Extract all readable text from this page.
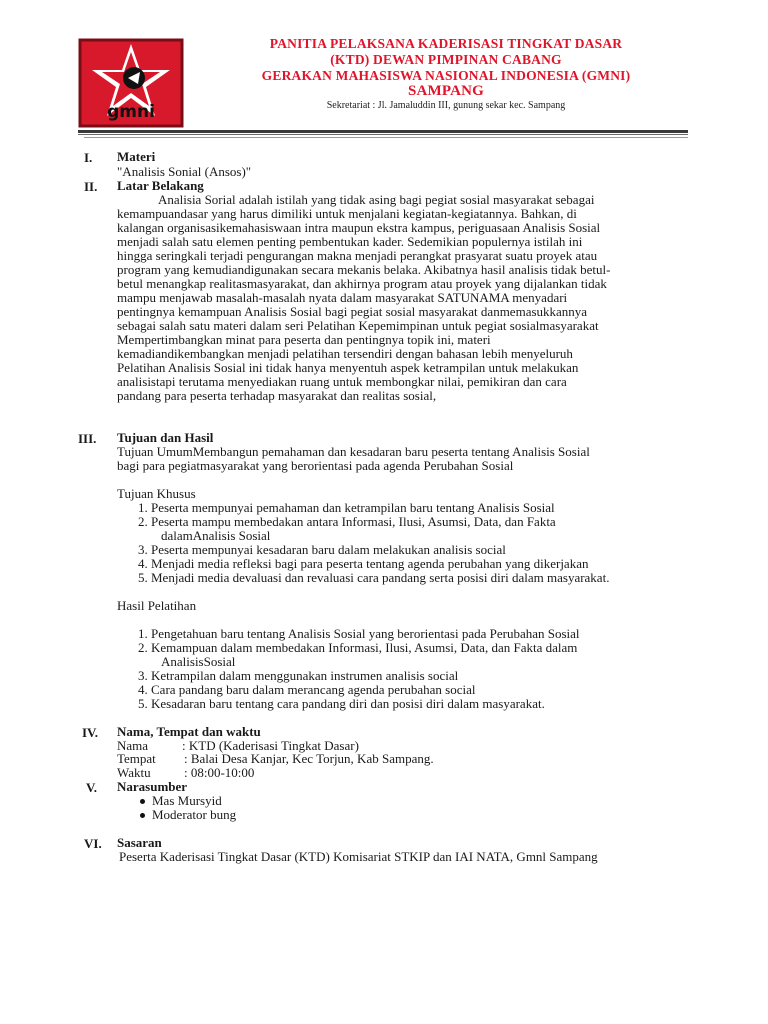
gmni
PANITIA PELAKSANA KADERISASI TINGKAT DASAR
(KTD) DEWAN PIMPINAN CABANG
GERAKAN MAHASISWA NASIONAL INDONESIA (GMNI)
SAMPANG
Sekretariat : Jl. Jamaluddin III, gunung sekar kec. Sampang
I. Materi
"Analisis Sonial (Ansos)"
II. Latar Belakang
Analisia Sorial adalah istilah yang tidak asing bagi pegiat sosial masyarakat sebagai
kemampuandasar yang harus dimiliki untuk menjalani kegiatan-kegiatannya. Bahkan, di
kalangan organisasikemahasiswaan intra maupun ekstra kampus, periguasaan Analisis Sosial
menjadi salah satu elemen penting pembentukan kader. Sedemikian populernya istilah ini
hingga seringkali terjadi pengurangan makna menjadi perangkat prasyarat suatu proyek atau
program yang kemudiandigunakan secara mekanis belaka. Akibatnya hasil analisis tidak betul-
betul menangkap realitasmasyarakat, dan akhirnya program atau proyek yang dijalankan tidak
mampu menjawab masalah-masalah nyata dalam masyarakat SATUNAMA menyadari
pentingnya kemampuan Analisis Sosial bagi pegiat sosial masyarakat danmemasukkannya
sebagai salah satu materi dalam seri Pelatihan Kepemimpinan untuk pegiat sosialmasyarakat
Mempertimbangkan minat para peserta dan pentingnya topik ini, materi
kemadiandikembangkan menjadi pelatihan tersendiri dengan bahasan lebih menyeluruh
Pelatihan Analisis Sosial ini tidak hanya menyentuh aspek ketrampilan untuk melakukan
analisistapi terutama menyediakan ruang untuk membongkar nilai, pemikiran dan cara
pandang para peserta terhadap masyarakat dan realitas sosial,
III. Tujuan dan Hasil
Tujuan UmumMembangun pemahaman dan kesadaran baru peserta tentang Analisis Sosial
bagi para pegiatmasyarakat yang berorientasi pada agenda Perubahan Sosial
Tujuan Khusus
1. Peserta mempunyai pemahaman dan ketrampilan baru tentang Analisis Sosial
2. Peserta mampu membedakan antara Informasi, Ilusi, Asumsi, Data, dan Fakta
dalamAnalisis Sosial
3. Peserta mempunyai kesadaran baru dalam melakukan analisis social
4. Menjadi media refleksi bagi para peserta tentang agenda perubahan yang dikerjakan
5. Menjadi media devaluasi dan revaluasi cara pandang serta posisi diri dalam masyarakat.
Hasil Pelatihan
1. Pengetahuan baru tentang Analisis Sosial yang berorientasi pada Perubahan Sosial
2. Kemampuan dalam membedakan Informasi, Ilusi, Asumsi, Data, dan Fakta dalam
AnalisisSosial
3. Ketrampilan dalam menggunakan instrumen analisis social
4. Cara pandang baru dalam merancang agenda perubahan social
5. Kesadaran baru tentang cara pandang diri dan posisi diri dalam masyarakat.
IV. Nama, Tempat dan waktu
Nama	: KTD (Kaderisasi Tingkat Dasar)
Tempat : Balai Desa Kanjar, Kec Torjun, Kab Sampang.
Waktu	: 08:00-10:00
V. Narasumber
Mas Mursyid
Moderator bung
VI. Sasaran
Peserta Kaderisasi Tingkat Dasar (KTD) Komisariat STKIP dan IAI NATA, Gmnl Sampang
